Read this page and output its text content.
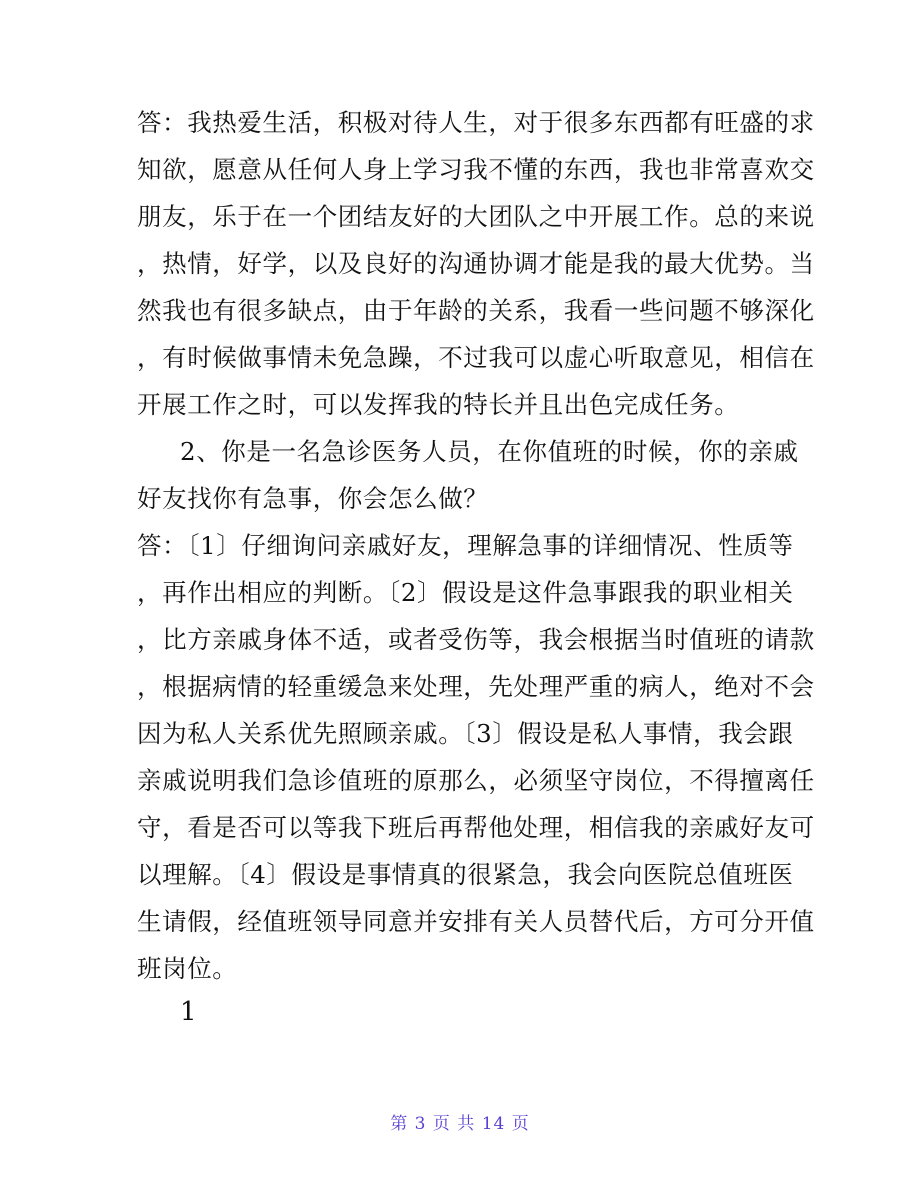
答：我热爱生活，积极对待人生，对于很多东西都有旺盛的求
知欲，愿意从任何人身上学习我不懂的东西，我也非常喜欢交
朋友，乐于在一个团结友好的大团队之中开展工作。总的来说
，热情，好学，以及良好的沟通协调才能是我的最大优势。当
然我也有很多缺点，由于年龄的关系，我看一些问题不够深化
，有时候做事情未免急躁，不过我可以虚心听取意见，相信在
开展工作之时，可以发挥我的特长并且出色完成任务。
2、你是一名急诊医务人员，在你值班的时候，你的亲戚
好友找你有急事，你会怎么做？
答：〔1〕仔细询问亲戚好友，理解急事的详细情况、性质等
，再作出相应的判断。〔2〕假设是这件急事跟我的职业相关
，比方亲戚身体不适，或者受伤等，我会根据当时值班的请款
，根据病情的轻重缓急来处理，先处理严重的病人，绝对不会
因为私人关系优先照顾亲戚。〔3〕假设是私人事情，我会跟
亲戚说明我们急诊值班的原那么，必须坚守岗位，不得擅离任
守，看是否可以等我下班后再帮他处理，相信我的亲戚好友可
以理解。〔4〕假设是事情真的很紧急，我会向医院总值班医
生请假，经值班领导同意并安排有关人员替代后，方可分开值
班岗位。
1
第 3 页 共 14 页
